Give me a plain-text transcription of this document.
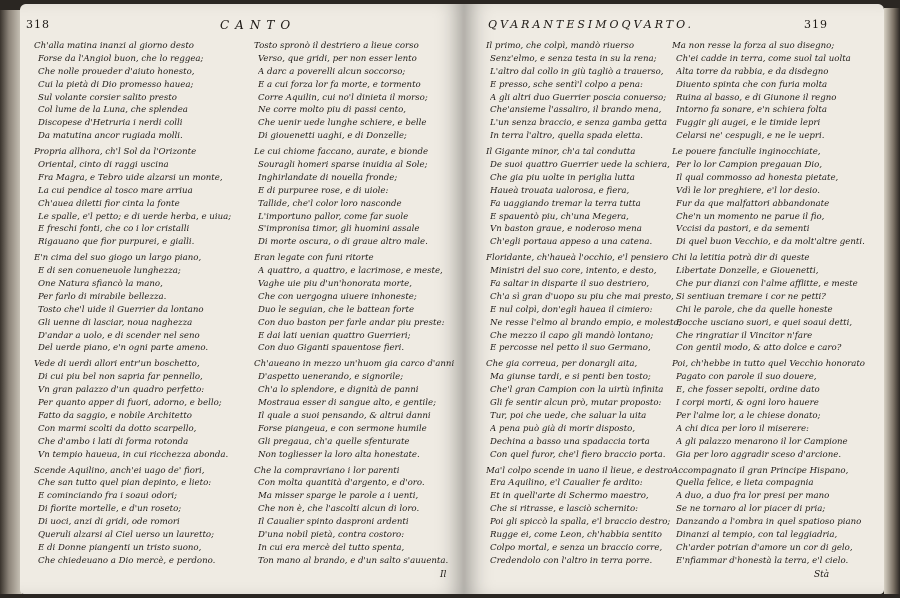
318	CANTO
Ch'alla matina inanzi al giorno desto
Forse da l'Angiol buon, che lo reggea;
Che nolle proueder d'aiuto honesto,
Cui la pietà di Dio promesso hauea;
Sul volante corsier salito presto
Col lume de la Luna, che splendea
Discopese d'Hetruria i nerdi colli
Da matutina ancor rugiada molli.
Propria allhora, ch'l Sol da l'Orizonte
Oriental, cinto di raggi uscina
Fra Magra, e Tebro uide alzarsi un monte,
La cui pendice al tosco mare arriua
Ch'auea diletti fior cinta la fonte
Le spalle, e'l petto; e di uerde herba, e uiua;
E freschi fonti, che co i lor cristalli
Rigauano que fior purpurei, e gialli.
E'n cima del suo giogo un largo piano,
E di sen conueneuole lunghezza;
One Natura sfiancò la mano,
Per farlo di mirabile bellezza.
Tosto che'l uide il Guerrier da lontano
Gli uenne di lasciar, noua naghezza
D'andar a uolo, e di scender nel seno
Del uerde piano, e'n ogni parte ameno.
Vede di uerdi allori entr'un boschetto,
Di cui piu bel non sapria far pennello,
Vn gran palazzo d'un quadro perfetto:
Per quanto apper di fuori, adorno, e bello;
Fatto da saggio, e nobile Architetto
Con marmi scolti da dotto scarpello,
Che d'ambo i lati di forma rotonda
Vn tempio haueua, in cui ricchezza abonda.
Scende Aquilino, anch'ei uago de' fiori,
Che san tutto quel pian depinto, e lieto:
E cominciando fra i soaui odori;
Di fiorite mortelle, e d'un roseto;
Di uoci, anzi di gridi, ode romori
Queruli alzarsi al Ciel uerso un lauretto;
E di Donne piangenti un tristo suono,
Che chiedeuano a Dio mercè, e perdono.
Tosto spronò il destriero a lieue corso
Verso, que gridi, per non esser lento
A darc a poverelli alcun soccorso;
E a cui forza lor fa morte, e tormento
Corre Aquilin, cui no'l dinieta il morso;
Ne corre molto piu di passi cento,
Che uenir uede lunghe schiere, e belle
Di giouenetti uaghi, e di Donzelle;
Le cui chiome faccano, aurate, e bionde
Souragli homeri sparse inuidia al Sole;
Inghirlandate di nouella fronde;
E di purpuree rose, e di uiole:
Tallide, che'l color loro nasconde
L'importuno pallor, come far suole
S'impronisa timor, gli huomini assale
Di morte oscura, o di graue altro male.
Eran legate con funi ritorte
A quattro, a quattro, e lacrimose, e meste,
Vaghe uie piu d'un'honorata morte,
Che con uergogna uiuere inhoneste;
Duo le seguian, che le battean forte
Con duo baston per farle andar piu preste:
E dai lati uenian quattro Guerrieri;
Con duo Giganti spauentose fieri.
Ch'aueano in mezzo un'huom gia carco d'anni
D'aspetto uenerando, e signorile;
Ch'a lo splendore, e dignità de panni
Mostraua esser di sangue alto, e gentile;
Il quale a suoi pensando, & altrui danni
Forse piangeua, e con sermone humile
Gli pregaua, ch'a quelle sfenturate
Non togliesser la loro alta honestate.
Che la compravriano i lor parenti
Con molta quantità d'argento, e d'oro.
Ma misser sparge le parole a i uenti,
Che non è, che l'ascolti alcun di loro.
Il Caualier spinto dasproni ardenti
D'una nobil pietà, contra costoro:
In cui era mercè del tutto spenta,
Ton mano al brando, e d'un salto s'auuenta.
Il
QVARANTESIMOQVARTO.	319
Il primo, che colpì, mandò riuerso
Senz'elmo, e senza testa in su la rena;
L'altro dal collo in giù tagliò a trauerso,
E presso, sche sentì'l colpo a pena:
A gli altri duo Guerrier poscia conuerso;
Che'ansieme l'assaliro, il brando mena,
L'un senza braccio, e senza gamba getta
In terra l'altro, quella spada eletta.
Il Gigante minor, ch'a tal condutta
De suoi quattro Guerrier uede la schiera,
Che gia piu uolte in periglia lutta
Haueà trouata ualorosa, e fiera,
Fa uaggiando tremar la terra tutta
E spauentò piu, ch'una Megera,
Vn baston graue, e noderoso mena
Ch'egli portaua appeso a una catena.
Floridante, ch'haueà l'occhio, e'l pensiero
Ministri del suo core, intento, e desto,
Fa saltar in disparte il suo destriero,
Ch'a sì gran d'uopo su piu che mai presto,
E nul colpì, don'egli hauea il cimiero:
Ne resse l'elmo al brando empio, e molesto,
Che mezzo il capo gli mandò lontano;
E percosse nel petto il suo Germano,
Che gia correua, per donargli aita,
Ma giunse tardi, e si penti ben tosto;
Che'l gran Campion con la uirtù infinita
Gli fe sentir alcun prò, mutar proposto:
Tur, poi che uede, che saluar la uita
A pena può già di morir disposto,
Dechina a basso una spadaccia torta
Con quel furor, che'l fiero braccio porta.
Ma'l colpo scende in uano il lieue, e destro
Era Aquilino, e'l Caualier fe ardito:
Et in quell'arte di Schermo maestro,
Che si ritrasse, e lasciò schernito:
Poi gli spiccò la spalla, e'l braccio destro;
Rugge ei, come Leon, ch'habbia sentito
Colpo mortal, e senza un braccio corre,
Credendolo con l'altro in terra porre.
Ma non resse la forza al suo disegno;
Ch'ei cadde in terra, come suol tal uolta
Alta torre da rabbia, e da disdegno
Diuento spinta che con furia molta
Ruina al basso, e di Giunone il regno
Intorno fa sonare, e'n schiera folta
Fuggir gli augei, e le timide lepri
Celarsi ne' cespugli, e ne le uepri.
Le pouere fanciulle inginocchiate,
Per lo lor Campion pregauan Dio,
Il qual commosso ad honesta pietate,
Vdì le lor preghiere, e'l lor desio.
Fur da que malfattori abbandonate
Che'n un momento ne parue il fio,
Vccisi da pastori, e da sementi
Di quel buon Vecchio, e da molt'altre genti.
Chi la letitia potrà dir di queste
Libertate Donzelle, e Giouenetti,
Che pur dianzi con l'alme afflitte, e meste
Si sentiuan tremare i cor ne petti?
Chi le parole, che da quelle honeste
Bocche usciano suori, e quei soaui detti,
Che ringratiar il Vincitor n'fare
Con gentil modo, & atto dolce e caro?
Poi, ch'hebbe in tutto quel Vecchio honorato
Pagato con parole il suo douere,
E, che fosser sepolti, ordine dato
I corpi morti, & ogni loro hauere
Per l'alme lor, a le chiese donato;
A chi dica per loro il miserere:
A gli palazzo menarono il lor Campione
Gia per loro aggradir sceso d'arcione.
Accompagnato il gran Principe Hispano,
Quella felice, e lieta compagnia
A duo, a duo fra lor presi per mano
Se ne tornaro al lor piacer di pria;
Danzando a l'ombra in quel spatioso piano
Dinanzi al tempio, con tal leggiadria,
Ch'arder potrian d'amore un cor di gelo,
E'nfiammar d'honestà la terra, e'l cielo.
Stà
